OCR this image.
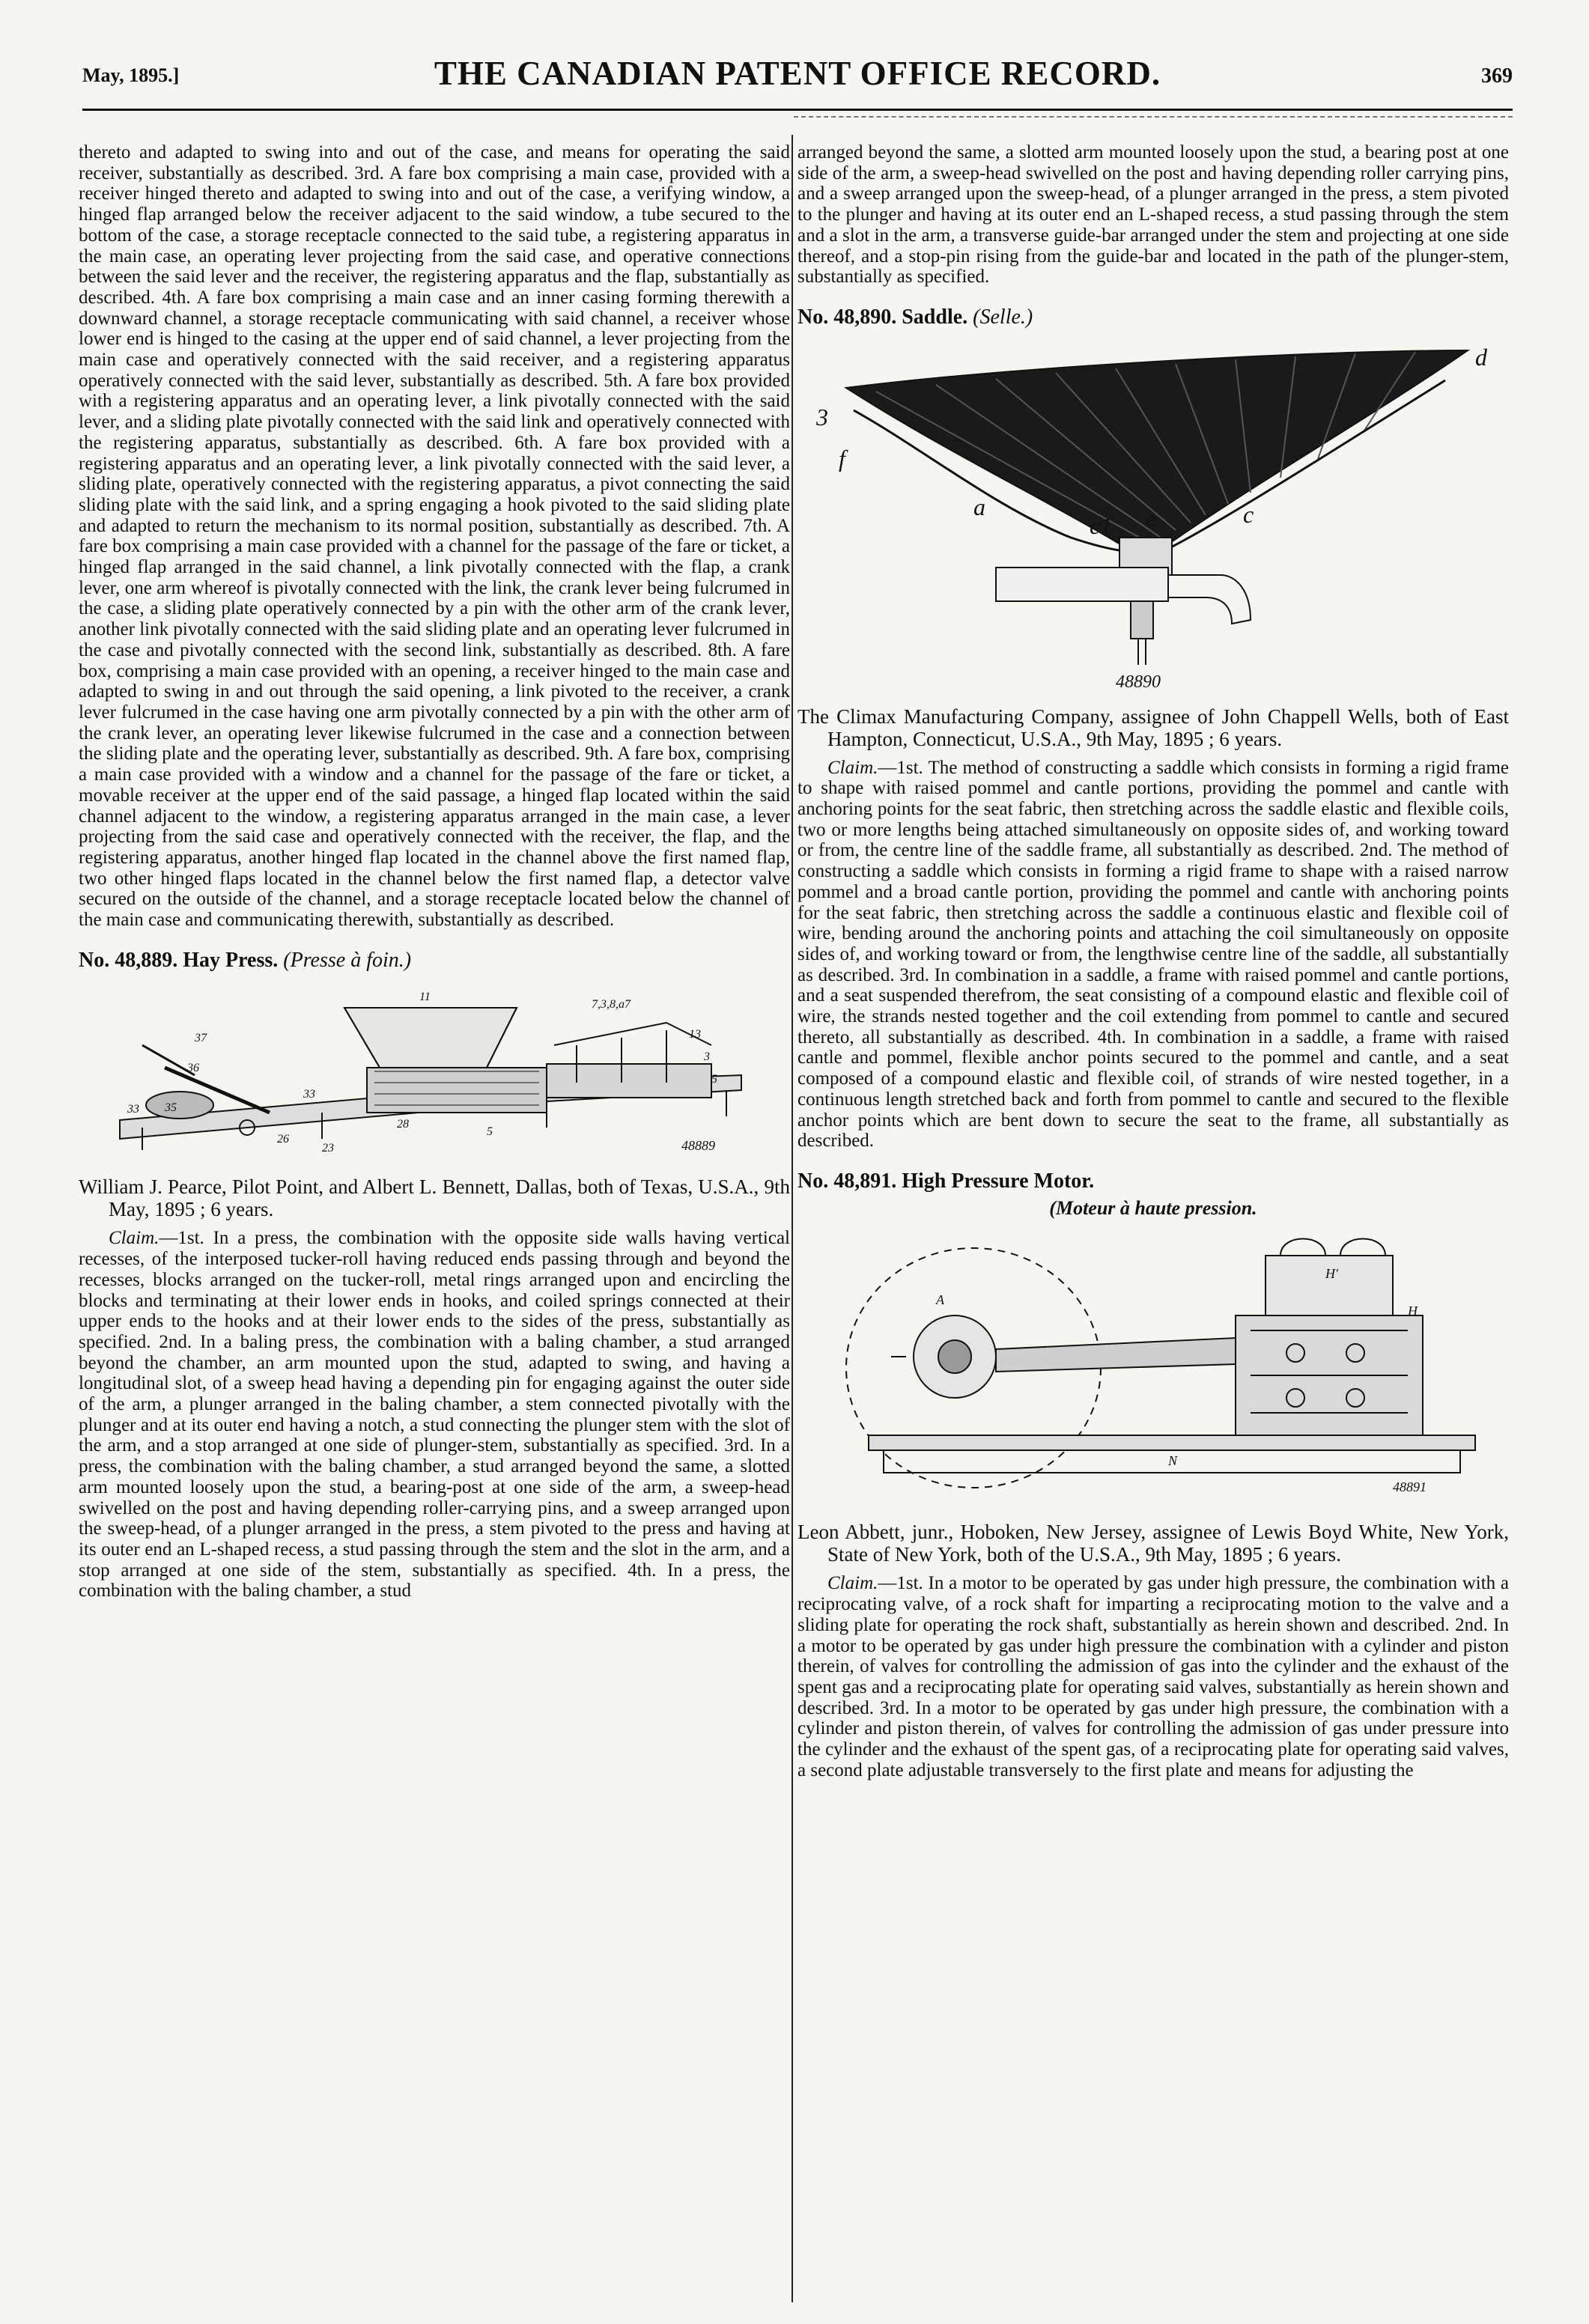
May, 1895.]	THE CANADIAN PATENT OFFICE RECORD.	369

thereto and adapted to swing into and out of the case, and means for operating the said receiver, substantially as described. 3rd. A fare box comprising a main case, provided with a receiver hinged thereto and adapted to swing into and out of the case, a verifying window, a hinged flap arranged below the receiver adjacent to the said window, a tube secured to the bottom of the case, a storage receptacle connected to the said tube, a registering apparatus in the main case, an operating lever projecting from the said case, and operative connections between the said lever and the receiver, the registering apparatus and the flap, substantially as described. 4th. A fare box comprising a main case and an inner casing forming therewith a downward channel, a storage receptacle communicating with said channel, a receiver whose lower end is hinged to the casing at the upper end of said channel, a lever projecting from the main case and operatively connected with the said receiver, and a registering apparatus operatively connected with the said lever, substantially as described. 5th. A fare box provided with a registering apparatus and an operating lever, a link pivotally connected with the said lever, and a sliding plate pivotally connected with the said link and operatively connected with the registering apparatus, substantially as described. 6th. A fare box provided with a registering apparatus and an operating lever, a link pivotally connected with the said lever, a sliding plate, operatively connected with the registering apparatus, a pivot connecting the said sliding plate with the said link, and a spring engaging a hook pivoted to the said sliding plate and adapted to return the mechanism to its normal position, substantially as described. 7th. A fare box comprising a main case provided with a channel for the passage of the fare or ticket, a hinged flap arranged in the said channel, a link pivotally connected with the flap, a crank lever, one arm whereof is pivotally connected with the link, the crank lever being fulcrumed in the case, a sliding plate operatively connected by a pin with the other arm of the crank lever, another link pivotally connected with the said sliding plate and an operating lever fulcrumed in the case and pivotally connected with the second link, substantially as described. 8th. A fare box, comprising a main case provided with an opening, a receiver hinged to the main case and adapted to swing in and out through the said opening, a link pivoted to the receiver, a crank lever fulcrumed in the case having one arm pivotally connected by a pin with the other arm of the crank lever, an operating lever likewise fulcrumed in the case and a connection between the sliding plate and the operating lever, substantially as described. 9th. A fare box, comprising a main case provided with a window and a channel for the passage of the fare or ticket, a movable receiver at the upper end of the said passage, a hinged flap located within the said channel adjacent to the window, a registering apparatus arranged in the main case, a lever projecting from the said case and operatively connected with the receiver, the flap, and the registering apparatus, another hinged flap located in the channel above the first named flap, two other hinged flaps located in the channel below the first named flap, a detector valve secured on the outside of the channel, and a storage receptacle located below the channel of the main case and communicating therewith, substantially as described.

No. 48,889. Hay Press. (Presse à foin.)
37
36
33 35
33
26
23
28
5
11
7,3,8,a7
13
3
5
48889

William J. Pearce, Pilot Point, and Albert L. Bennett, Dallas, both of Texas, U.S.A., 9th May, 1895 ; 6 years.

Claim.—1st. In a press, the combination with the opposite side walls having vertical recesses, of the interposed tucker-roll having reduced ends passing through and beyond the recesses, blocks arranged on the tucker-roll, metal rings arranged upon and encircling the blocks and terminating at their lower ends in hooks, and coiled springs connected at their upper ends to the hooks and at their lower ends to the sides of the press, substantially as specified. 2nd. In a baling press, the combination with a baling chamber, a stud arranged beyond the chamber, an arm mounted upon the stud, adapted to swing, and having a longitudinal slot, of a sweep head having a depending pin for engaging against the outer side of the arm, a plunger arranged in the baling chamber, a stem connected pivotally with the plunger and at its outer end having a notch, a stud connecting the plunger stem with the slot of the arm, and a stop arranged at one side of plunger-stem, substantially as specified. 3rd. In a press, the combination with the baling chamber, a stud arranged beyond the same, a slotted arm mounted loosely upon the stud, a bearing-post at one side of the arm, a sweep-head swivelled on the post and having depending roller-carrying pins, and a sweep arranged upon the sweep-head, of a plunger arranged in the press, a stem pivoted to the press and having at its outer end an L-shaped recess, a stud passing through the stem and the slot in the arm, and a stop arranged at one side of the stem, substantially as specified. 4th. In a press, the combination with the baling chamber, a stud

arranged beyond the same, a slotted arm mounted loosely upon the stud, a bearing post at one side of the arm, a sweep-head swivelled on the post and having depending roller carrying pins, and a sweep arranged upon the sweep-head, of a plunger arranged in the press, a stem pivoted to the plunger and having at its outer end an L-shaped recess, a stud passing through the stem and a slot in the arm, a transverse guide-bar arranged under the stem and projecting at one side thereof, and a stop-pin rising from the guide-bar and located in the path of the plunger-stem, substantially as specified.

No. 48,890. Saddle. (Selle.)
d
3
f
a
c1 e	c
48890

The Climax Manufacturing Company, assignee of John Chappell Wells, both of East Hampton, Connecticut, U.S.A., 9th May, 1895 ; 6 years.

Claim.—1st. The method of constructing a saddle which consists in forming a rigid frame to shape with raised pommel and cantle portions, providing the pommel and cantle with anchoring points for the seat fabric, then stretching across the saddle elastic and flexible coils, two or more lengths being attached simultaneously on opposite sides of, and working toward or from, the centre line of the saddle frame, all substantially as described. 2nd. The method of constructing a saddle which consists in forming a rigid frame to shape with a raised narrow pommel and a broad cantle portion, providing the pommel and cantle with anchoring points for the seat fabric, then stretching across the saddle a continuous elastic and flexible coil of wire, bending around the anchoring points and attaching the coil simultaneously on opposite sides of, and working toward or from, the lengthwise centre line of the saddle, all substantially as described. 3rd. In combination in a saddle, a frame with raised pommel and cantle portions, and a seat suspended therefrom, the seat consisting of a compound elastic and flexible coil of wire, the strands nested together and the coil extending from pommel to cantle and secured thereto, all substantially as described. 4th. In combination in a saddle, a frame with raised cantle and pommel, flexible anchor points secured to the pommel and cantle, and a seat composed of a compound elastic and flexible coil, of strands of wire nested together, in a continuous length stretched back and forth from pommel to cantle and secured to the flexible anchor points which are bent down to secure the seat to the frame, all substantially as described.

No. 48,891. High Pressure Motor.
(Moteur à haute pression.
A
H'
H
N
48891

Leon Abbett, junr., Hoboken, New Jersey, assignee of Lewis Boyd White, New York, State of New York, both of the U.S.A., 9th May, 1895 ; 6 years.

Claim.—1st. In a motor to be operated by gas under high pressure, the combination with a reciprocating valve, of a rock shaft for imparting a reciprocating motion to the valve and a sliding plate for operating the rock shaft, substantially as herein shown and described. 2nd. In a motor to be operated by gas under high pressure the combination with a cylinder and piston therein, of valves for controlling the admission of gas into the cylinder and the exhaust of the spent gas and a reciprocating plate for operating said valves, substantially as herein shown and described. 3rd. In a motor to be operated by gas under high pressure, the combination with a cylinder and piston therein, of valves for controlling the admission of gas under pressure into the cylinder and the exhaust of the spent gas, of a reciprocating plate for operating said valves, a second plate adjustable transversely to the first plate and means for adjusting the
